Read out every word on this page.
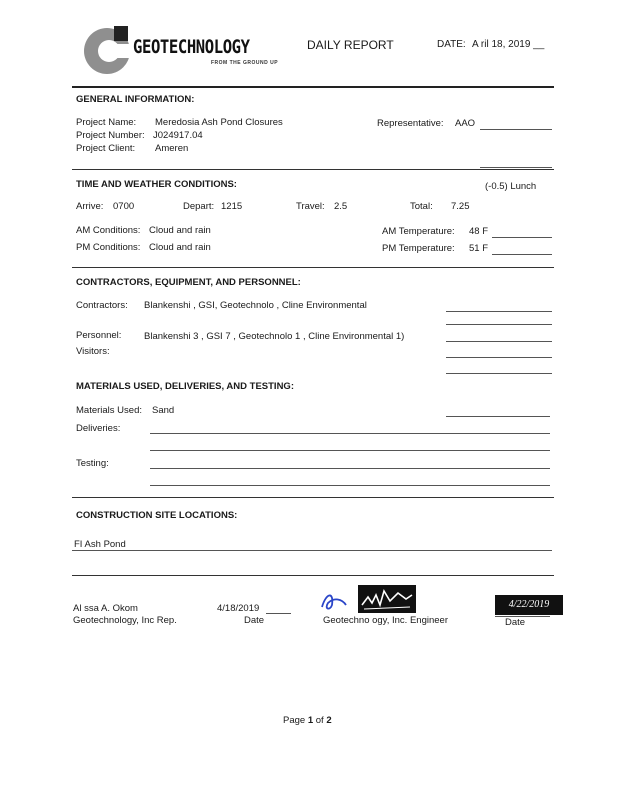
GEOTECHNOLOGY
FROM THE GROUND UP
DAILY REPORT	DATE: A ril 18, 2019 __
GENERAL INFORMATION:
Project Name: Meredosia Ash Pond Closures
Project Number: J024917.04
Project Client: Ameren
Representative: AAO
TIME AND WEATHER CONDITIONS:	(-0.5) Lunch
Arrive: 0700	Depart: 1215	Travel: 2.5	Total: 7.25
AM Conditions: Cloud and rain
PM Conditions: Cloud and rain
AM Temperature: 48 F
PM Temperature: 51 F
CONTRACTORS, EQUIPMENT, AND PERSONNEL:
Contractors: Blankenshi , GSI, Geotechnolo , Cline Environmental
Personnel: Blankenshi 3 , GSI 7 , Geotechnolo 1 , Cline Environmental 1)
Visitors:
MATERIALS USED, DELIVERIES, AND TESTING:
Materials Used: Sand
Deliveries:
Testing:
CONSTRUCTION SITE LOCATIONS:
FI Ash Pond
Al ssa A. Okom
Geotechnology, Inc Rep.
4/18/2019
Date	Geotechno ogy, Inc. Engineer
4/22/2019
Date
Page 1 of 2
